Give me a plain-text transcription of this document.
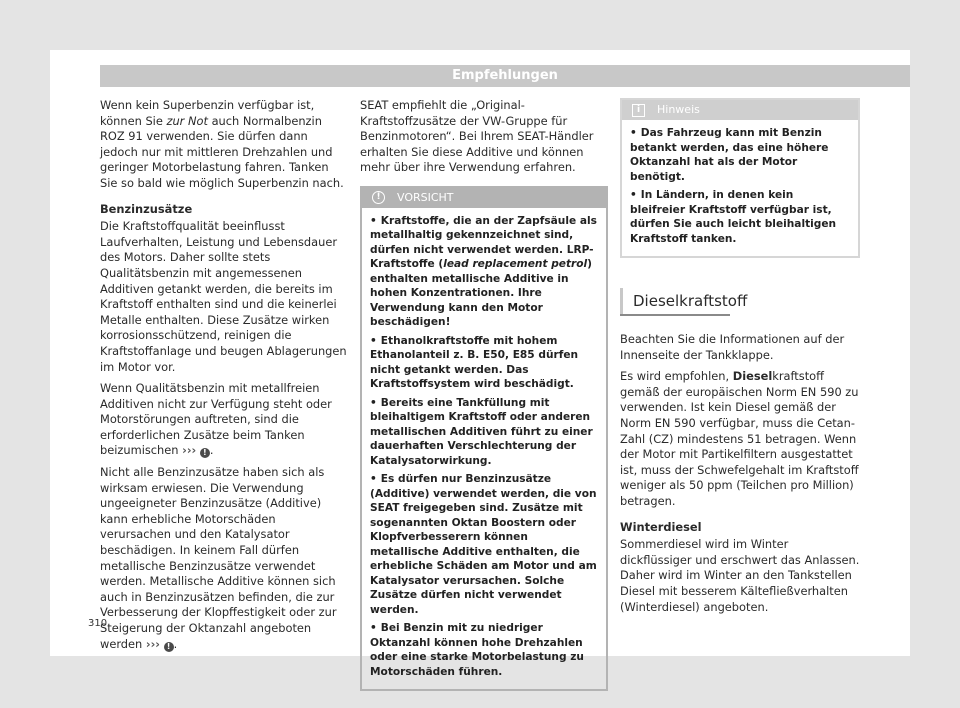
Empfehlungen

Wenn kein Superbenzin verfügbar ist, können Sie zur Not auch Normalbenzin ROZ 91 verwenden. Sie dürfen dann jedoch nur mit mittleren Drehzahlen und geringer Motorbelastung fahren. Tanken Sie so bald wie möglich Superbenzin nach.

Benzinzusätze

Die Kraftstoffqualität beeinflusst Laufverhalten, Leistung und Lebensdauer des Motors. Daher sollte stets Qualitätsbenzin mit angemessenen Additiven getankt werden, die bereits im Kraftstoff enthalten sind und die keinerlei Metalle enthalten. Diese Zusätze wirken korrosionsschützend, reinigen die Kraftstoffanlage und beugen Ablagerungen im Motor vor.

Wenn Qualitätsbenzin mit metallfreien Additiven nicht zur Verfügung steht oder Motorstörungen auftreten, sind die erforderlichen Zusätze beim Tanken beizumischen ››› ! .

Nicht alle Benzinzusätze haben sich als wirksam erwiesen. Die Verwendung ungeeigneter Benzinzusätze (Additive) kann erhebliche Motorschäden verursachen und den Katalysator beschädigen. In keinem Fall dürfen metallische Benzinzusätze verwendet werden. Metallische Additive können sich auch in Benzinzusätzen befinden, die zur Verbesserung der Klopffestigkeit oder zur Steigerung der Oktanzahl angeboten werden ››› ! .

SEAT empfiehlt die „Original-Kraftstoffzusätze der VW-Gruppe für Benzinmotoren“. Bei Ihrem SEAT-Händler erhalten Sie diese Additive und können mehr über ihre Verwendung erfahren.

!	VORSICHT
• Kraftstoffe, die an der Zapfsäule als metallhaltig gekennzeichnet sind, dürfen nicht verwendet werden. LRP-Kraftstoffe (lead replacement petrol) enthalten metallische Additive in hohen Konzentrationen. Ihre Verwendung kann den Motor beschädigen!
• Ethanolkraftstoffe mit hohem Ethanolanteil z. B. E50, E85 dürfen nicht getankt werden. Das Kraftstoffsystem wird beschädigt.
• Bereits eine Tankfüllung mit bleihaltigem Kraftstoff oder anderen metallischen Additiven führt zu einer dauerhaften Verschlechterung der Katalysatorwirkung.
• Es dürfen nur Benzinzusätze (Additive) verwendet werden, die von SEAT freigegeben sind. Zusätze mit sogenannten Oktan Boostern oder Klopfverbesserern können metallische Additive enthalten, die erhebliche Schäden am Motor und am Katalysator verursachen. Solche Zusätze dürfen nicht verwendet werden.
• Bei Benzin mit zu niedriger Oktanzahl können hohe Drehzahlen oder eine starke Motorbelastung zu Motorschäden führen.
i	Hinweis
• Das Fahrzeug kann mit Benzin betankt werden, das eine höhere Oktanzahl hat als der Motor benötigt.
• In Ländern, in denen kein bleifreier Kraftstoff verfügbar ist, dürfen Sie auch leicht bleihaltigen Kraftstoff tanken.
Dieselkraftstoff

Beachten Sie die Informationen auf der Innenseite der Tankklappe.

Es wird empfohlen, Dieselkraftstoff gemäß der europäischen Norm EN 590 zu verwenden. Ist kein Diesel gemäß der Norm EN 590 verfügbar, muss die Cetan-Zahl (CZ) mindestens 51 betragen. Wenn der Motor mit Partikelfiltern ausgestattet ist, muss der Schwefelgehalt im Kraftstoff weniger als 50 ppm (Teilchen pro Million) betragen.

Winterdiesel

Sommerdiesel wird im Winter dickflüssiger und erschwert das Anlassen. Daher wird im Winter an den Tankstellen Diesel mit besserem Kältefließverhalten (Winterdiesel) angeboten.

310
